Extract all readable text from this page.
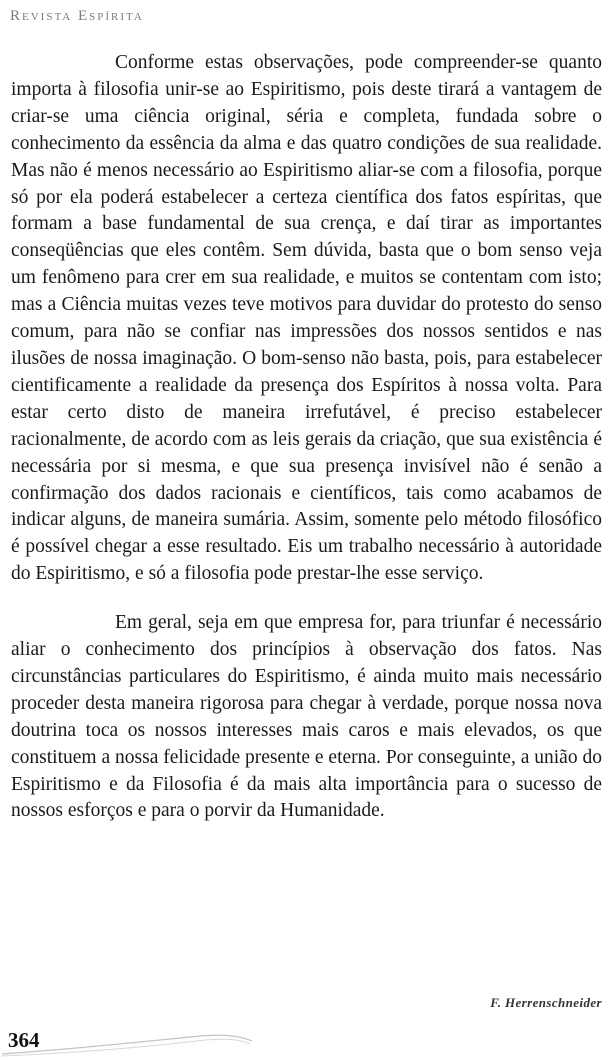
Revista Espírita

Conforme estas observações, pode compreender-se quanto importa à filosofia unir-se ao Espiritismo, pois deste tirará a vantagem de criar-se uma ciência original, séria e completa, fundada sobre o conhecimento da essência da alma e das quatro condições de sua realidade. Mas não é menos necessário ao Espiritismo aliar-se com a filosofia, porque só por ela poderá estabelecer a certeza científica dos fatos espíritas, que formam a base fundamental de sua crença, e daí tirar as importantes conseqüências que eles contêm. Sem dúvida, basta que o bom senso veja um fenômeno para crer em sua realidade, e muitos se contentam com isto; mas a Ciência muitas vezes teve motivos para duvidar do protesto do senso comum, para não se confiar nas impressões dos nossos sentidos e nas ilusões de nossa imaginação. O bom-senso não basta, pois, para estabelecer cientificamente a realidade da presença dos Espíritos à nossa volta. Para estar certo disto de maneira irrefutável, é preciso estabelecer racionalmente, de acordo com as leis gerais da criação, que sua existência é necessária por si mesma, e que sua presença invisível não é senão a confirmação dos dados racionais e científicos, tais como acabamos de indicar alguns, de maneira sumária. Assim, somente pelo método filosófico é possível chegar a esse resultado. Eis um trabalho necessário à autoridade do Espiritismo, e só a filosofia pode prestar-lhe esse serviço.

Em geral, seja em que empresa for, para triunfar é necessário aliar o conhecimento dos princípios à observação dos fatos. Nas circunstâncias particulares do Espiritismo, é ainda muito mais necessário proceder desta maneira rigorosa para chegar à verdade, porque nossa nova doutrina toca os nossos interesses mais caros e mais elevados, os que constituem a nossa felicidade presente e eterna. Por conseguinte, a união do Espiritismo e da Filosofia é da mais alta importância para o sucesso de nossos esforços e para o porvir da Humanidade.

F. Herrenschneider
364
